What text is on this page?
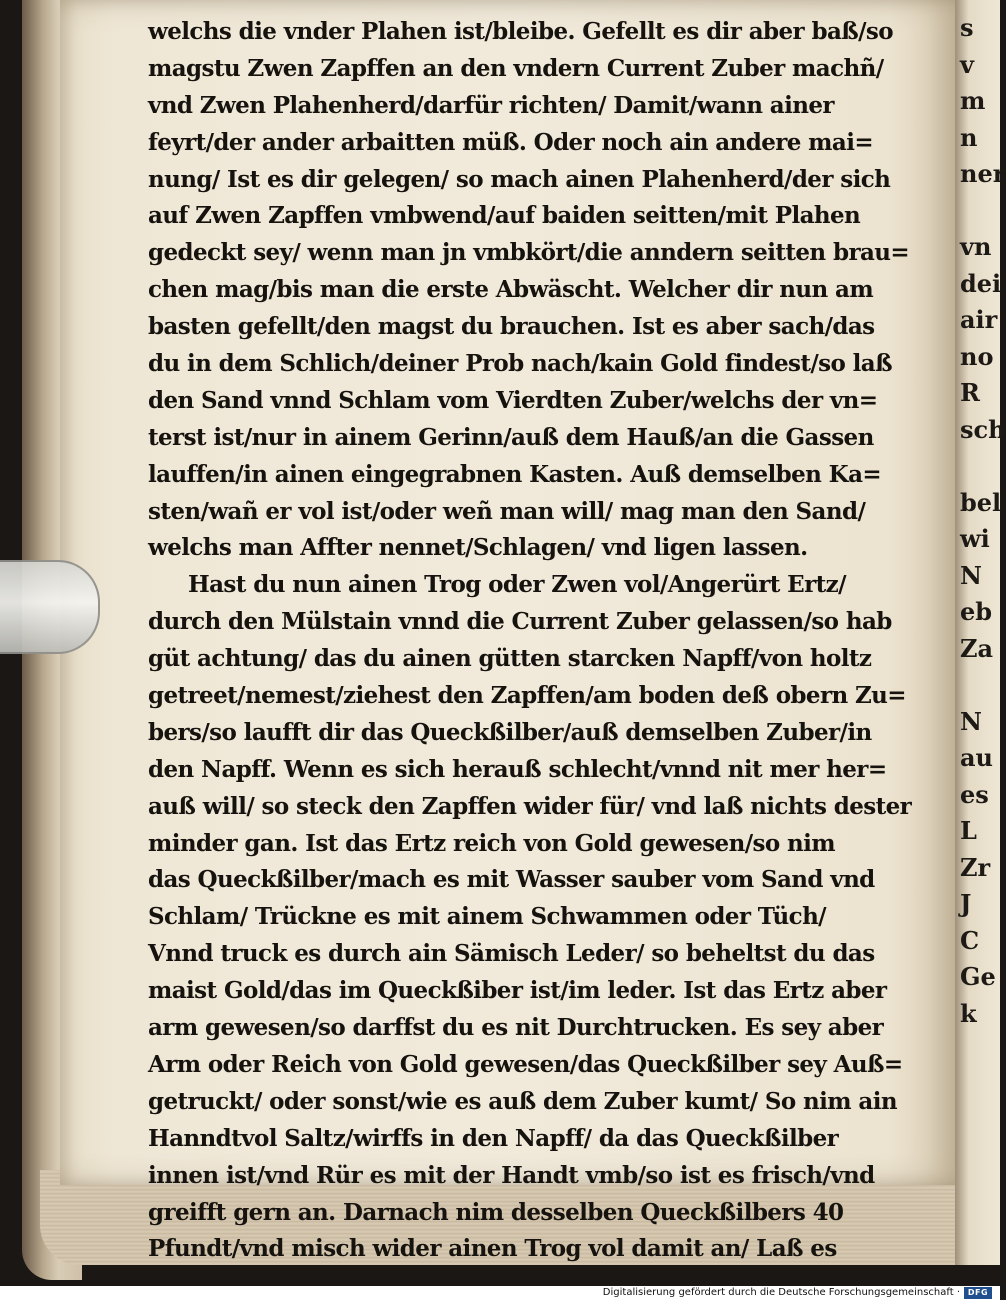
s
v
m
n
ner
vn
dei
air
no
R
sch
bel
wi
N
eb
Za
N
au
es
L
Zr
J
C
Ge
k
welchs die vnder Plahen ist/bleibe. Gefellt es dir aber baß/so
magstu Zwen Zapffen an den vndern Current Zuber machñ/
vnd Zwen Plahenherd/darfür richten/ Damit/wann ainer
feyrt/der ander arbaitten müß. Oder noch ain andere mai=
nung/ Ist es dir gelegen/ so mach ainen Plahenherd/der sich
auf Zwen Zapffen vmbwend/auf baiden seitten/mit Plahen
gedeckt sey/ wenn man jn vmbkört/die anndern seitten brau=
chen mag/bis man die erste Abwäscht. Welcher dir nun am
basten gefellt/den magst du brauchen. Ist es aber sach/das
du in dem Schlich/deiner Prob nach/kain Gold findest/so laß
den Sand vnnd Schlam vom Vierdten Zuber/welchs der vn=
terst ist/nur in ainem Gerinn/auß dem Hauß/an die Gassen
lauffen/in ainen eingegrabnen Kasten. Auß demselben Ka=
sten/wañ er vol ist/oder weñ man will/ mag man den Sand/
welchs man Affter nennet/Schlagen/ vnd ligen lassen.
Hast du nun ainen Trog oder Zwen vol/Angerürt Ertz/
durch den Mülstain vnnd die Current Zuber gelassen/so hab
güt achtung/ das du ainen gütten starcken Napff/von holtz
getreet/nemest/ziehest den Zapffen/am boden deß obern Zu=
bers/so laufft dir das Queckßilber/auß demselben Zuber/in
den Napff. Wenn es sich herauß schlecht/vnnd nit mer her=
auß will/ so steck den Zapffen wider für/ vnd laß nichts dester
minder gan. Ist das Ertz reich von Gold gewesen/so nim
das Queckßilber/mach es mit Wasser sauber vom Sand vnd
Schlam/ Trückne es mit ainem Schwammen oder Tüch/
Vnnd truck es durch ain Sämisch Leder/ so beheltst du das
maist Gold/das im Queckßiber ist/im leder. Ist das Ertz aber
arm gewesen/so darffst du es nit Durchtrucken. Es sey aber
Arm oder Reich von Gold gewesen/das Queckßilber sey Auß=
getruckt/ oder sonst/wie es auß dem Zuber kumt/ So nim ain
Hanndtvol Saltz/wirffs in den Napff/ da das Queckßilber
innen ist/vnd Rür es mit der Handt vmb/so ist es frisch/vnd
greifft gern an. Darnach nim desselben Queckßilbers 40
Pfundt/vnd misch wider ainen Trog vol damit an/ Laß es
Digitalisierung gefördert durch die Deutsche Forschungsgemeinschaft · DFG
